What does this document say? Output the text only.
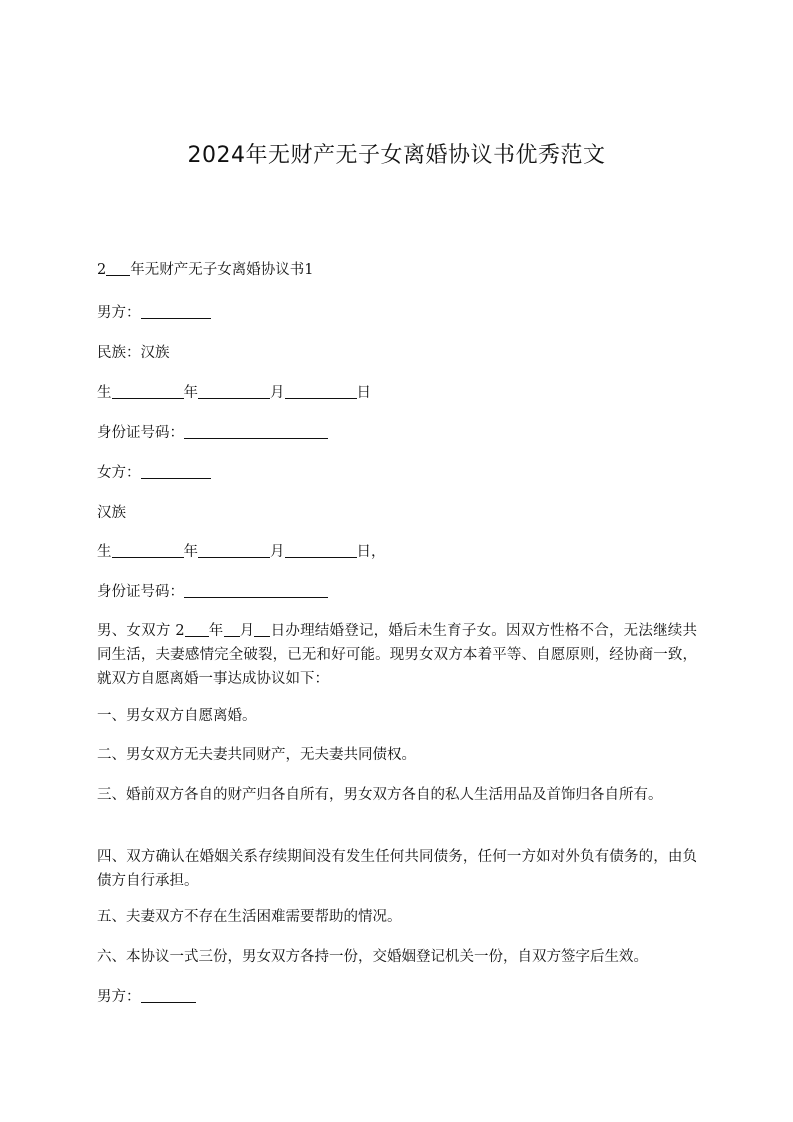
2024年无财产无子女离婚协议书优秀范文
2 年无财产无子女离婚协议书1
男方：
民族：汉族
生	年	月	日
身份证号码：
女方：
汉族
生	年	月	日，
身份证号码：
男、女双方 2 年 月 日办理结婚登记，婚后未生育子女。因双方性格不合，无法继续共同生活，夫妻感情完全破裂，已无和好可能。现男女双方本着平等、自愿原则，经协商一致，就双方自愿离婚一事达成协议如下：
一、男女双方自愿离婚。
二、男女双方无夫妻共同财产，无夫妻共同债权。
三、婚前双方各自的财产归各自所有，男女双方各自的私人生活用品及首饰归各自所有。
四、双方确认在婚姻关系存续期间没有发生任何共同债务，任何一方如对外负有债务的，由负债方自行承担。
五、夫妻双方不存在生活困难需要帮助的情况。
六、本协议一式三份，男女双方各持一份，交婚姻登记机关一份，自双方签字后生效。
男方：
